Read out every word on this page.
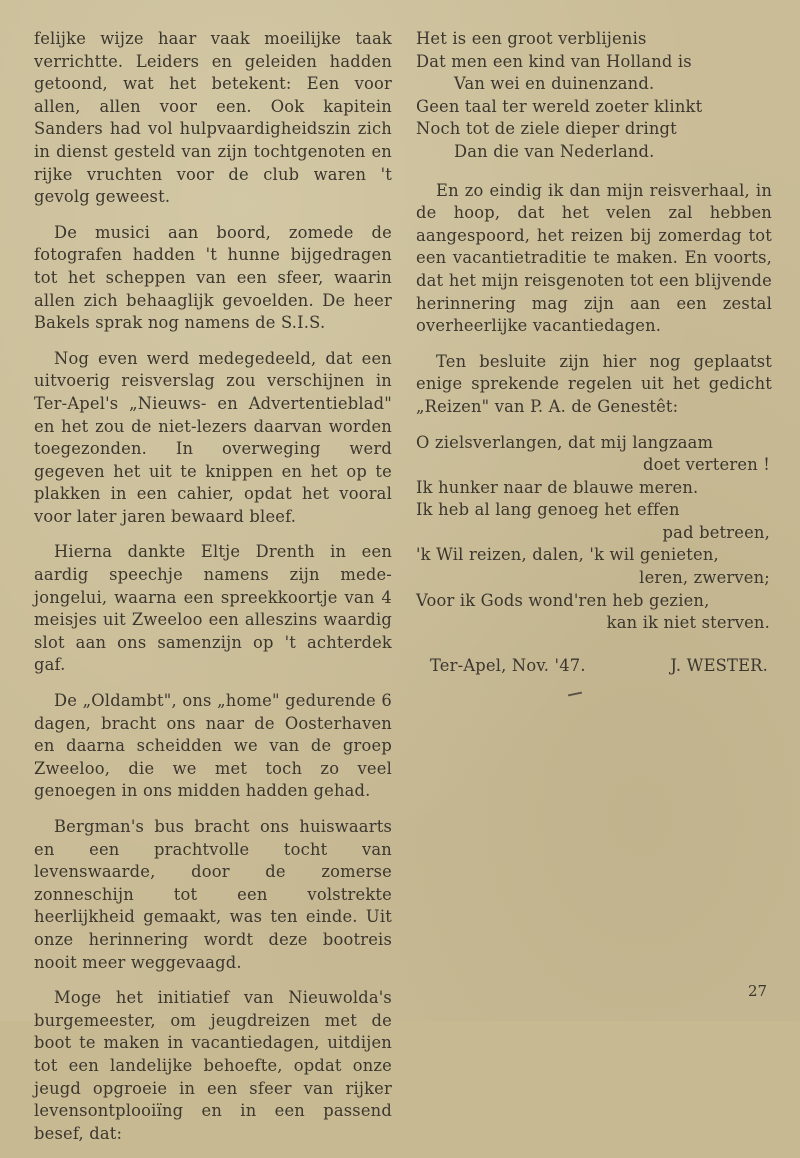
felijke wijze haar vaak moeilijke taak verrichtte. Leiders en geleiden hadden getoond, wat het betekent: Een voor allen, allen voor een. Ook kapitein Sanders had vol hulpvaardigheidszin zich in dienst gesteld van zijn tochtgenoten en rijke vruchten voor de club waren 't gevolg geweest.

De musici aan boord, zomede de fotografen hadden 't hunne bijgedragen tot het scheppen van een sfeer, waarin allen zich behaaglijk gevoelden. De heer Bakels sprak nog namens de S.I.S.

Nog even werd medegedeeld, dat een uitvoerig reisverslag zou verschijnen in Ter-Apel's „Nieuws- en Advertentieblad" en het zou de niet-lezers daarvan worden toegezonden. In overweging werd gegeven het uit te knippen en het op te plakken in een cahier, opdat het vooral voor later jaren bewaard bleef.

Hierna dankte Eltje Drenth in een aardig speechje namens zijn mede-jongelui, waarna een spreekkoortje van 4 meisjes uit Zweeloo een alleszins waardig slot aan ons samenzijn op 't achterdek gaf.

De „Oldambt", ons „home" gedurende 6 dagen, bracht ons naar de Oosterhaven en daarna scheidden we van de groep Zweeloo, die we met toch zo veel genoegen in ons midden hadden gehad.

Bergman's bus bracht ons huiswaarts en een prachtvolle tocht van levenswaarde, door de zomerse zonneschijn tot een volstrekte heerlijkheid gemaakt, was ten einde. Uit onze herinnering wordt deze bootreis nooit meer weggevaagd.

Moge het initiatief van Nieuwolda's burgemeester, om jeugdreizen met de boot te maken in vacantiedagen, uitdijen tot een landelijke behoefte, opdat onze jeugd opgroeie in een sfeer van rijker levensontplooiïng en in een passend besef, dat:

Het is een groot verblijenis
Dat men een kind van Holland is
Van wei en duinenzand.
Geen taal ter wereld zoeter klinkt
Noch tot de ziele dieper dringt
Dan die van Nederland.

En zo eindig ik dan mijn reisverhaal, in de hoop, dat het velen zal hebben aangespoord, het reizen bij zomerdag tot een vacantietraditie te maken. En voorts, dat het mijn reisgenoten tot een blijvende herinnering mag zijn aan een zestal overheerlijke vacantiedagen.

Ten besluite zijn hier nog geplaatst enige sprekende regelen uit het gedicht „Reizen" van P. A. de Genestêt:

O zielsverlangen, dat mij langzaam
doet verteren !
Ik hunker naar de blauwe meren.
Ik heb al lang genoeg het effen
pad betreen,
'k Wil reizen, dalen, 'k wil genieten,
leren, zwerven;
Voor ik Gods wond'ren heb gezien,
kan ik niet sterven.
Ter-Apel, Nov. '47.	J. WESTER.
27
